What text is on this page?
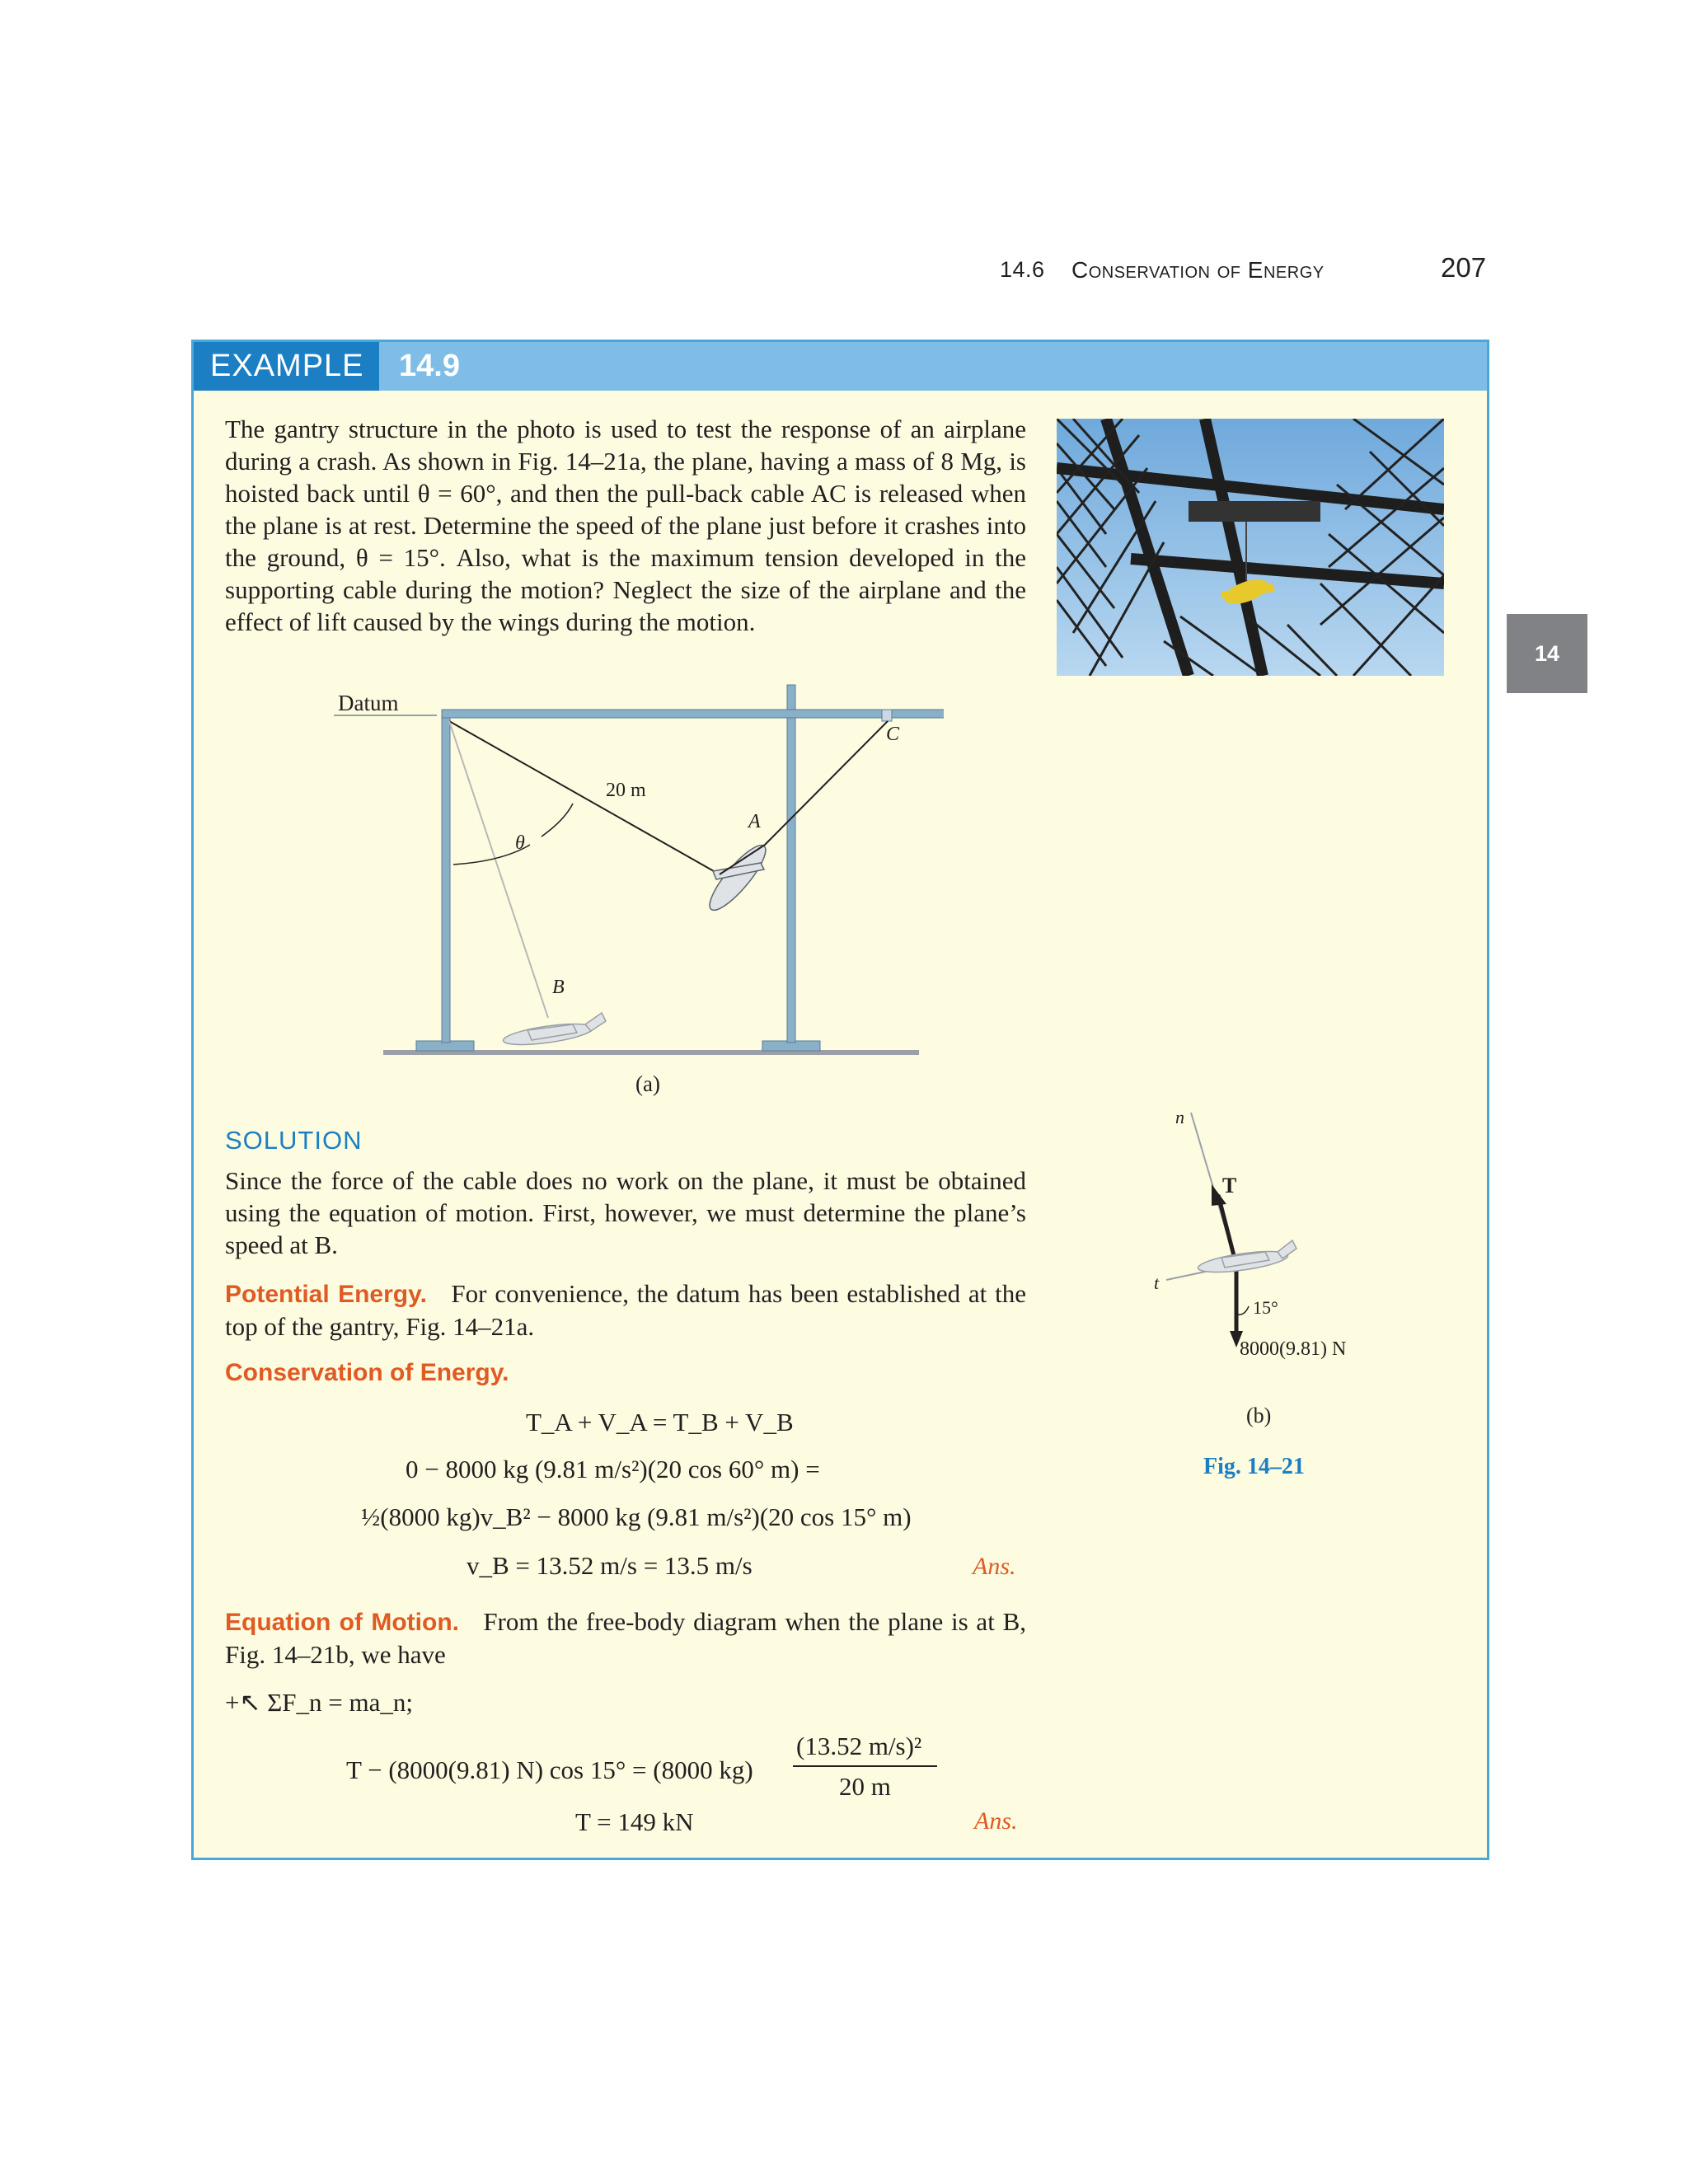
14.6 Conservation of Energy	207
14
EXAMPLE	14.9
The gantry structure in the photo is used to test the response of an airplane during a crash. As shown in Fig. 14–21a, the plane, having a mass of 8 Mg, is hoisted back until θ = 60°, and then the pull-back cable AC is released when the plane is at rest. Determine the speed of the plane just before it crashes into the ground, θ = 15°. Also, what is the maximum tension developed in the supporting cable during the motion? Neglect the size of the airplane and the effect of lift caused by the wings during the motion.
Datum
20 m
θ
A
B
C
(a)
n
t
T
15°
8000(9.81) N
(b)
Fig. 14–21
SOLUTION
Since the force of the cable does no work on the plane, it must be obtained using the equation of motion. First, however, we must determine the plane’s speed at B.
Potential Energy. For convenience, the datum has been established at the top of the gantry, Fig. 14–21a.
Conservation of Energy.
T_A + V_A = T_B + V_B
0 − 8000 kg (9.81 m/s²)(20 cos 60° m) =
½(8000 kg)v_B² − 8000 kg (9.81 m/s²)(20 cos 15° m)
v_B = 13.52 m/s = 13.5 m/s	Ans.
Equation of Motion. From the free-body diagram when the plane is at B, Fig. 14–21b, we have
+↖ ΣF_n = ma_n;
T − (8000(9.81) N) cos 15° = (8000 kg)
(13.52 m/s)²
20 m
T = 149 kN	Ans.
